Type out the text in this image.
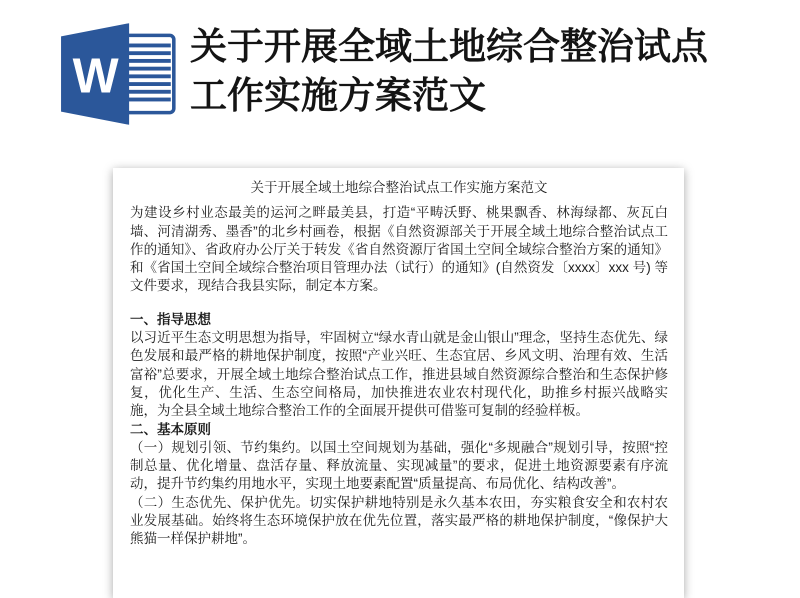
W
关于开展全域土地综合整治试点工作实施方案范文
关于开展全域土地综合整治试点工作实施方案范文

为建设乡村业态最美的运河之畔最美县，打造“平畴沃野、桃果飘香、林海绿都、灰瓦白墙、河清湖秀、墨香”的北乡村画卷，根据《自然资源部关于开展全域土地综合整治试点工作的通知》、省政府办公厅关于转发《省自然资源厅省国土空间全域综合整治方案的通知》和《省国土空间全域综合整治项目管理办法（试行）的通知》(自然资发〔xxxx〕xxx 号) 等文件要求，现结合我县实际，制定本方案。

一、指导思想

以习近平生态文明思想为指导，牢固树立“绿水青山就是金山银山”理念，坚持生态优先、绿色发展和最严格的耕地保护制度，按照“产业兴旺、生态宜居、乡风文明、治理有效、生活富裕”总要求，开展全域土地综合整治试点工作，推进县域自然资源综合整治和生态保护修复，优化生产、生活、生态空间格局，加快推进农业农村现代化，助推乡村振兴战略实施，为全县全域土地综合整治工作的全面展开提供可借鉴可复制的经验样板。

二、基本原则

（一）规划引领、节约集约。以国土空间规划为基础，强化“多规融合”规划引导，按照“控制总量、优化增量、盘活存量、释放流量、实现减量”的要求，促进土地资源要素有序流动，提升节约集约用地水平，实现土地要素配置“质量提高、布局优化、结构改善”。

（二）生态优先、保护优先。切实保护耕地特别是永久基本农田，夯实粮食安全和农村农业发展基础。始终将生态环境保护放在优先位置，落实最严格的耕地保护制度，“像保护大熊猫一样保护耕地”。
